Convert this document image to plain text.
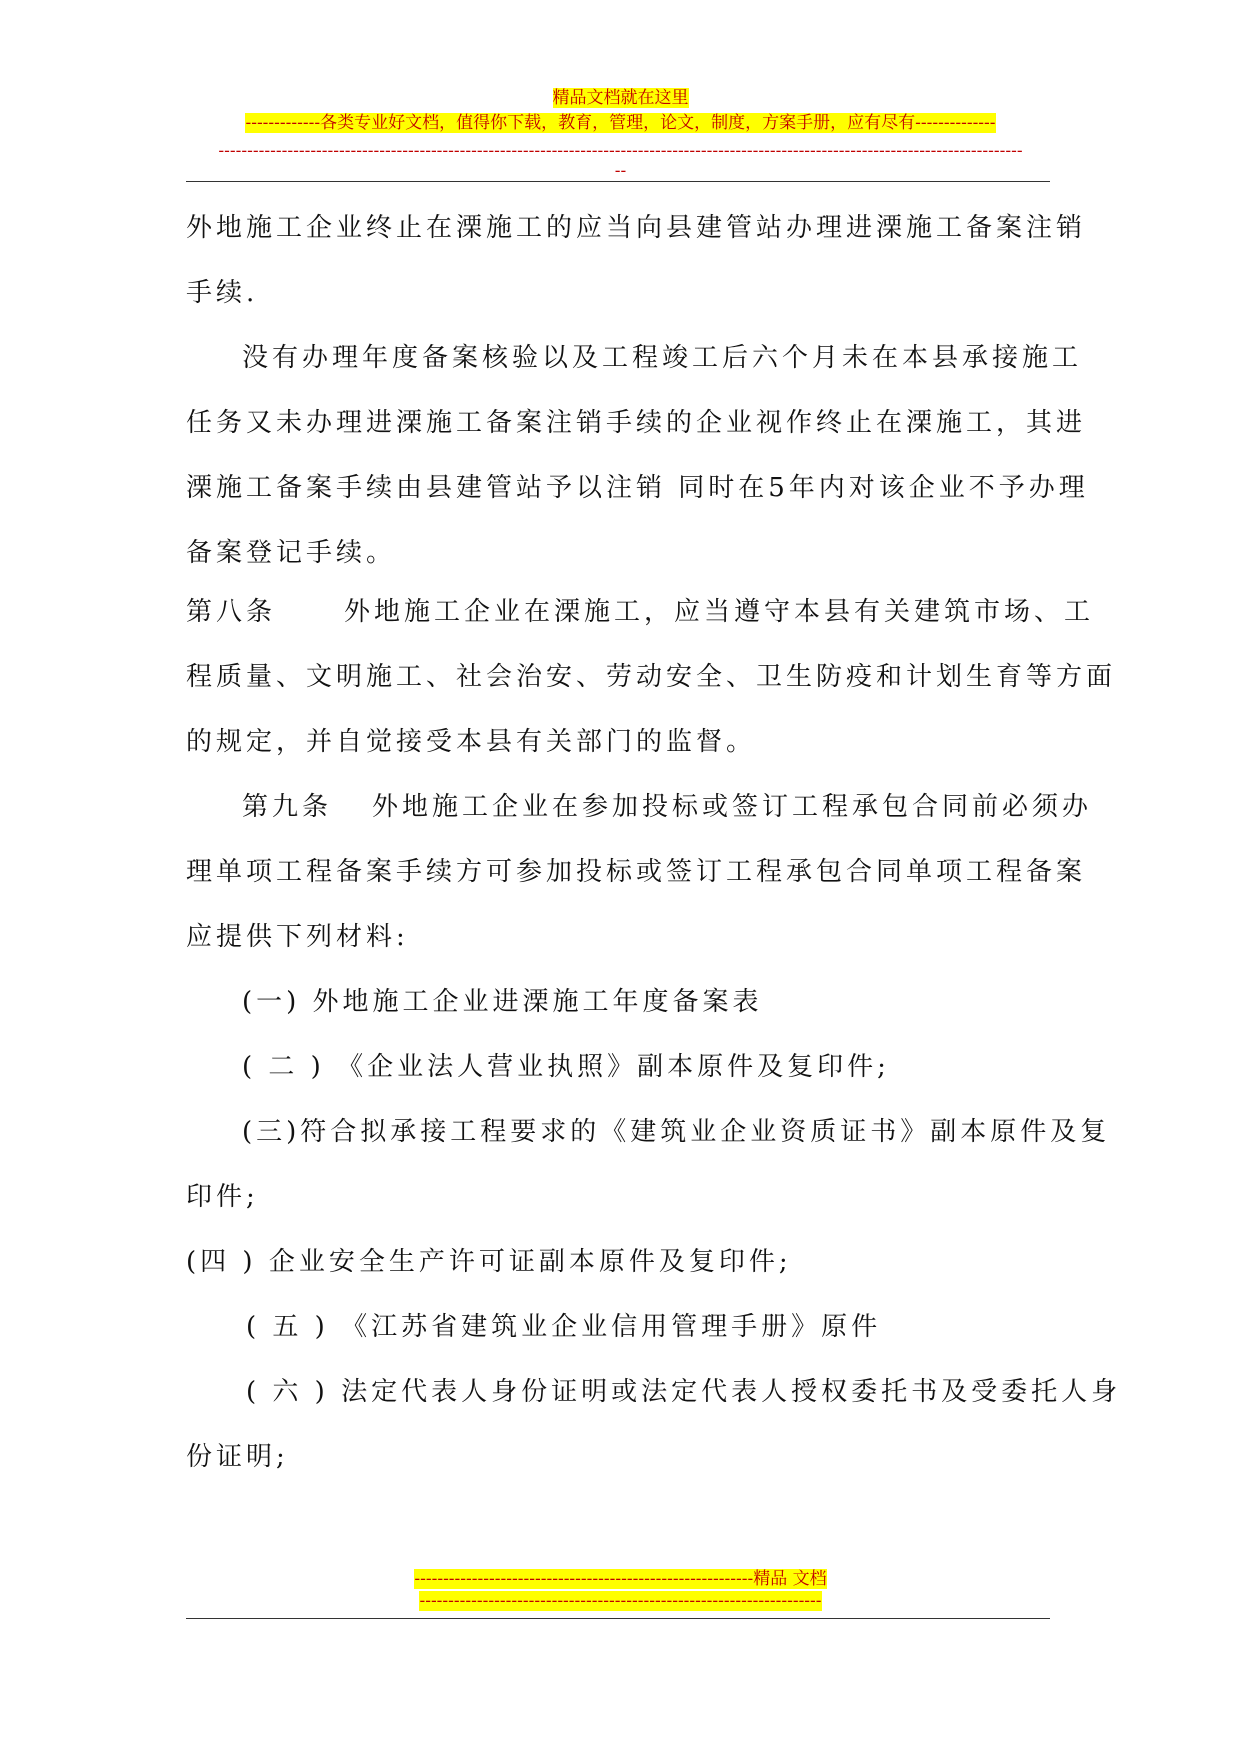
精品文档就在这里
-------------各类专业好文档，值得你下载，教育，管理，论文，制度，方案手册，应有尽有--------------
--------------------------------------------------------------------------------------------------------------------------------------------
--
外地施工企业终止在溧施工的应当向县建管站办理进溧施工备案注销
手续.
没有办理年度备案核验以及工程竣工后六个月未在本县承接施工
任务又未办理进溧施工备案注销手续的企业视作终止在溧施工，其进
溧施工备案手续由县建管站予以注销 同时在5年内对该企业不予办理
备案登记手续。
第八条	外地施工企业在溧施工，应当遵守本县有关建筑市场、工
程质量、文明施工、社会治安、劳动安全、卫生防疫和计划生育等方面
的规定，并自觉接受本县有关部门的监督。
第九条 外地施工企业在参加投标或签订工程承包合同前必须办
理单项工程备案手续方可参加投标或签订工程承包合同单项工程备案
应提供下列材料:
(一) 外地施工企业进溧施工年度备案表
( 二 ) 《企业法人营业执照》副本原件及复印件;
(三)符合拟承接工程要求的《建筑业企业资质证书》副本原件及复
印件;
(四 ) 企业安全生产许可证副本原件及复印件;
( 五 ) 《江苏省建筑业企业信用管理手册》原件
( 六 ) 法定代表人身份证明或法定代表人授权委托书及受委托人身
份证明;
-----------------------------------------------------------精品 文档
----------------------------------------------------------------------
